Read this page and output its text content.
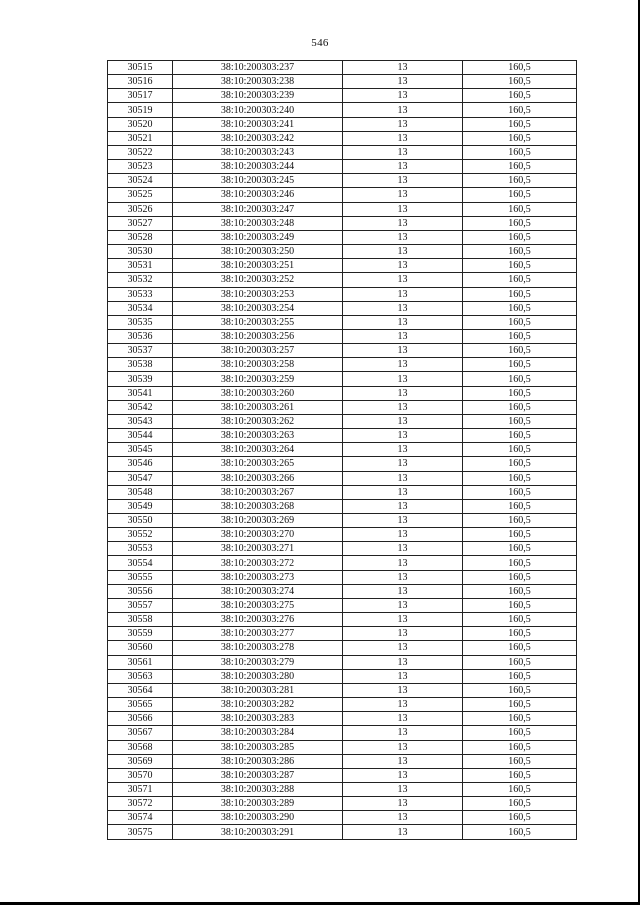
546
30515	38:10:200303:237	13	160,5
30516	38:10:200303:238	13	160,5
30517	38:10:200303:239	13	160,5
30519	38:10:200303:240	13	160,5
30520	38:10:200303:241	13	160,5
30521	38:10:200303:242	13	160,5
30522	38:10:200303:243	13	160,5
30523	38:10:200303:244	13	160,5
30524	38:10:200303:245	13	160,5
30525	38:10:200303:246	13	160,5
30526	38:10:200303:247	13	160,5
30527	38:10:200303:248	13	160,5
30528	38:10:200303:249	13	160,5
30530	38:10:200303:250	13	160,5
30531	38:10:200303:251	13	160,5
30532	38:10:200303:252	13	160,5
30533	38:10:200303:253	13	160,5
30534	38:10:200303:254	13	160,5
30535	38:10:200303:255	13	160,5
30536	38:10:200303:256	13	160,5
30537	38:10:200303:257	13	160,5
30538	38:10:200303:258	13	160,5
30539	38:10:200303:259	13	160,5
30541	38:10:200303:260	13	160,5
30542	38:10:200303:261	13	160,5
30543	38:10:200303:262	13	160,5
30544	38:10:200303:263	13	160,5
30545	38:10:200303:264	13	160,5
30546	38:10:200303:265	13	160,5
30547	38:10:200303:266	13	160,5
30548	38:10:200303:267	13	160,5
30549	38:10:200303:268	13	160,5
30550	38:10:200303:269	13	160,5
30552	38:10:200303:270	13	160,5
30553	38:10:200303:271	13	160,5
30554	38:10:200303:272	13	160,5
30555	38:10:200303:273	13	160,5
30556	38:10:200303:274	13	160,5
30557	38:10:200303:275	13	160,5
30558	38:10:200303:276	13	160,5
30559	38:10:200303:277	13	160,5
30560	38:10:200303:278	13	160,5
30561	38:10:200303:279	13	160,5
30563	38:10:200303:280	13	160,5
30564	38:10:200303:281	13	160,5
30565	38:10:200303:282	13	160,5
30566	38:10:200303:283	13	160,5
30567	38:10:200303:284	13	160,5
30568	38:10:200303:285	13	160,5
30569	38:10:200303:286	13	160,5
30570	38:10:200303:287	13	160,5
30571	38:10:200303:288	13	160,5
30572	38:10:200303:289	13	160,5
30574	38:10:200303:290	13	160,5
30575	38:10:200303:291	13	160,5
